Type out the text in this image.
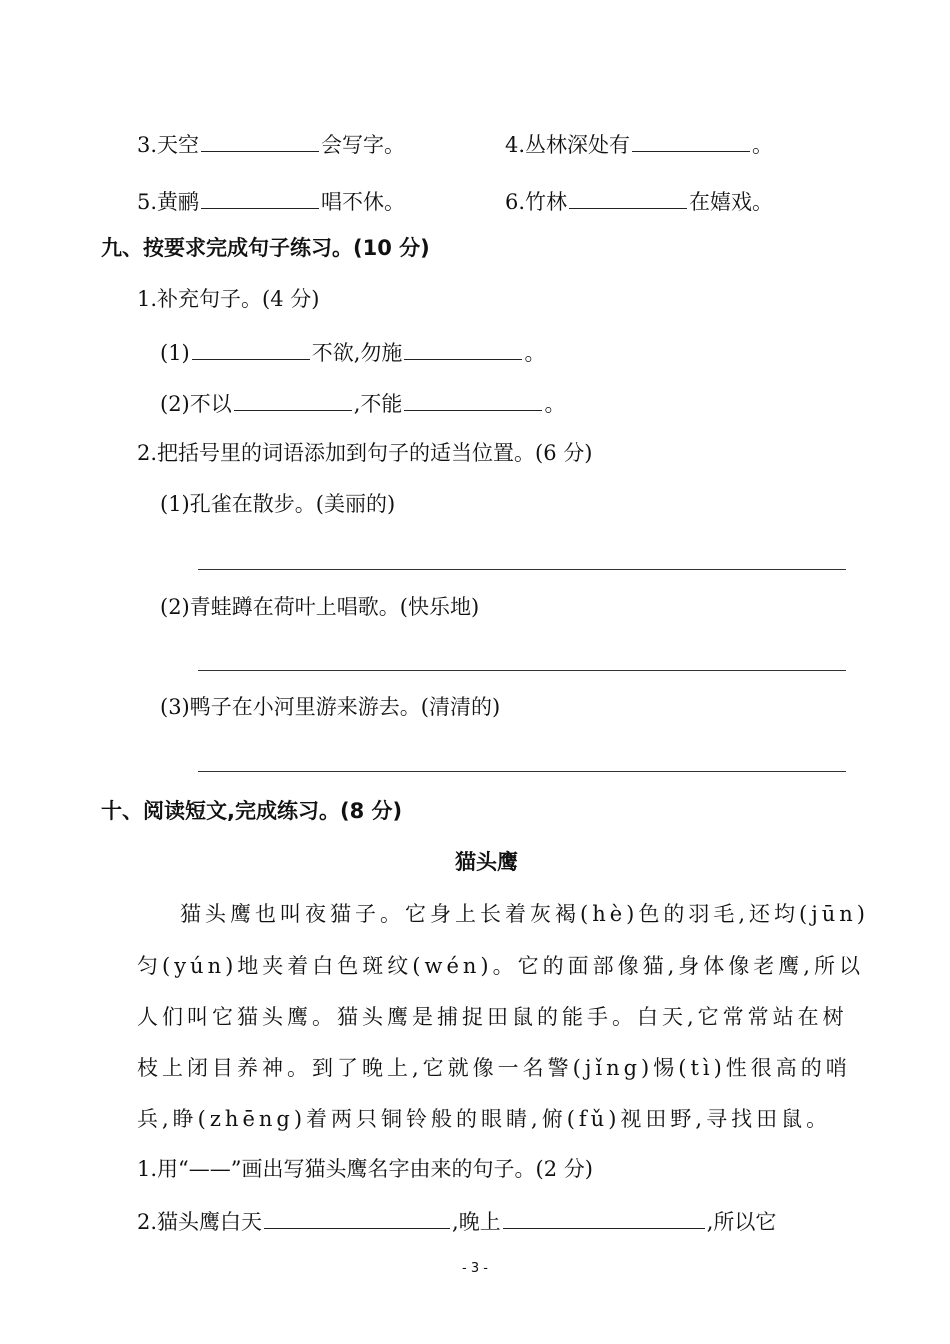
3.天空	会写字。	4.丛林深处有	。
5.黄鹂	唱不休。	6.竹林	在嬉戏。
九、按要求完成句子练习。(10 分)
1.补充句子。(4 分)
(1)	不欲,勿施	。
(2)不以	,不能	。
2.把括号里的词语添加到句子的适当位置。(6 分)
(1)孔雀在散步。(美丽的)
(2)青蛙蹲在荷叶上唱歌。(快乐地)
(3)鸭子在小河里游来游去。(清清的)
十、阅读短文,完成练习。(8 分)
猫头鹰
猫头鹰也叫夜猫子。它身上长着灰褐(hè)色的羽毛,还均(jūn)
匀(yún)地夹着白色斑纹(wén)。它的面部像猫,身体像老鹰,所以
人们叫它猫头鹰。猫头鹰是捕捉田鼠的能手。白天,它常常站在树
枝上闭目养神。到了晚上,它就像一名警(jǐng)惕(tì)性很高的哨
兵,睁(zhēng)着两只铜铃般的眼睛,俯(fǔ)视田野,寻找田鼠。
1.用“——”画出写猫头鹰名字由来的句子。(2 分)
2.猫头鹰白天	,晚上	,所以它
- 3 -
